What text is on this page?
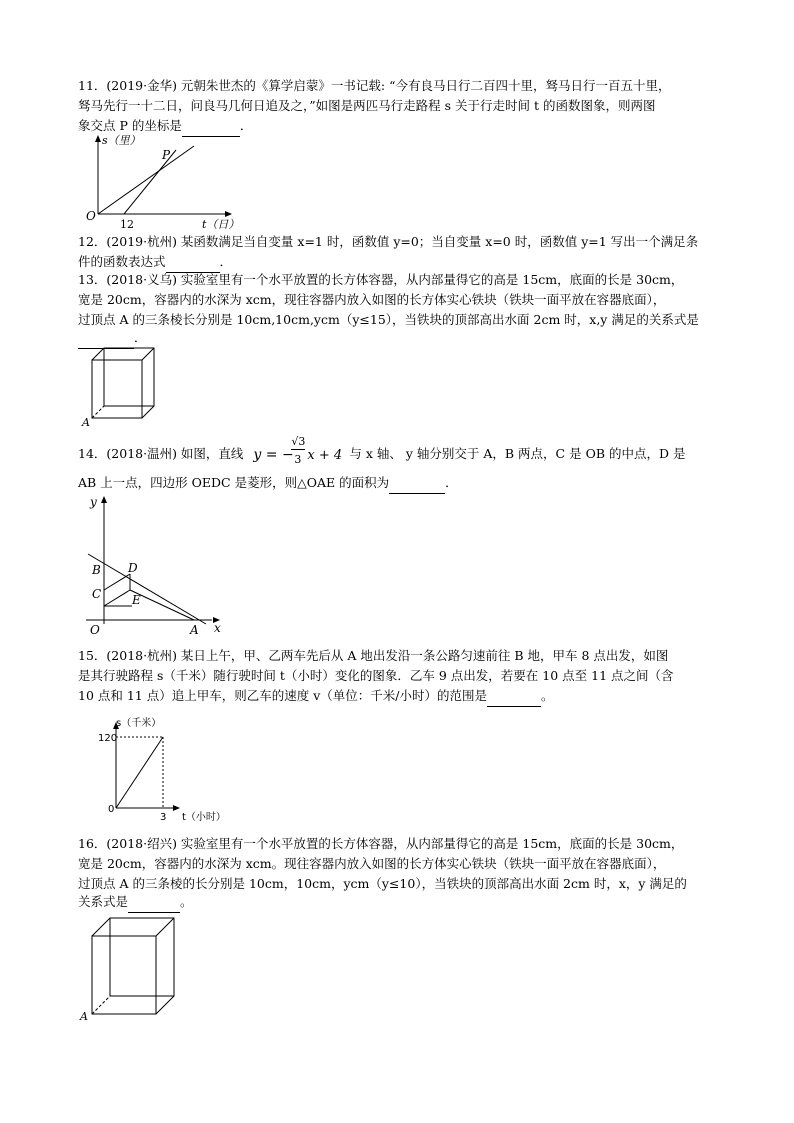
11．(2019·金华) 元朝朱世杰的《算学启蒙》一书记载: “今有良马日行二百四十里，驽马日行一百五十里，
驽马先行一十二日，问良马几何日追及之，”如图是两匹马行走路程 s 关于行走时间 t 的函数图象，则两图
象交点 P 的坐标是	．
s（里）
O
12
P
t（日）
12．(2019·杭州) 某函数满足当自变量 x=1 时，函数值 y=0；当自变量 x=0 时，函数值 y=1 写出一个满足条
件的函数表达式	．
13．(2018·义乌) 实验室里有一个水平放置的长方体容器，从内部量得它的高是 15cm，底面的长是 30cm，
宽是 20cm，容器内的水深为 xcm，现往容器内放入如图的长方体实心铁块（铁块一面平放在容器底面），
过顶点 A 的三条棱长分别是 10cm,10cm,ycm（y≤15），当铁块的顶部高出水面 2cm 时，x,y 满足的关系式是
．
A
14．(2018·温州) 如图，直线 y = −
√3
3 x + 4 与 x 轴、 y 轴分别交于 A，B 两点，C 是 OB 的中点，D 是
AB 上一点，四边形 OEDC 是菱形，则△OAE 的面积为	．
y
B D
C	E
O	A x
15．(2018·杭州) 某日上午，甲、乙两车先后从 A 地出发沿一条公路匀速前往 B 地，甲车 8 点出发，如图
是其行驶路程 s（千米）随行驶时间 t（小时）变化的图象．乙车 9 点出发，若要在 10 点至 11 点之间（含
10 点和 11 点）追上甲车，则乙车的速度 v（单位：千米/小时）的范围是	。
s（千米）
120
0
3 t（小时）
16．(2018·绍兴) 实验室里有一个水平放置的长方体容器，从内部量得它的高是 15cm，底面的长是 30cm，
宽是 20cm，容器内的水深为 xcm。现往容器内放入如图的长方体实心铁块（铁块一面平放在容器底面），
过顶点 A 的三条棱的长分别是 10cm，10cm，ycm（y≤10），当铁块的顶部高出水面 2cm 时，x，y 满足的
关系式是	。
A
